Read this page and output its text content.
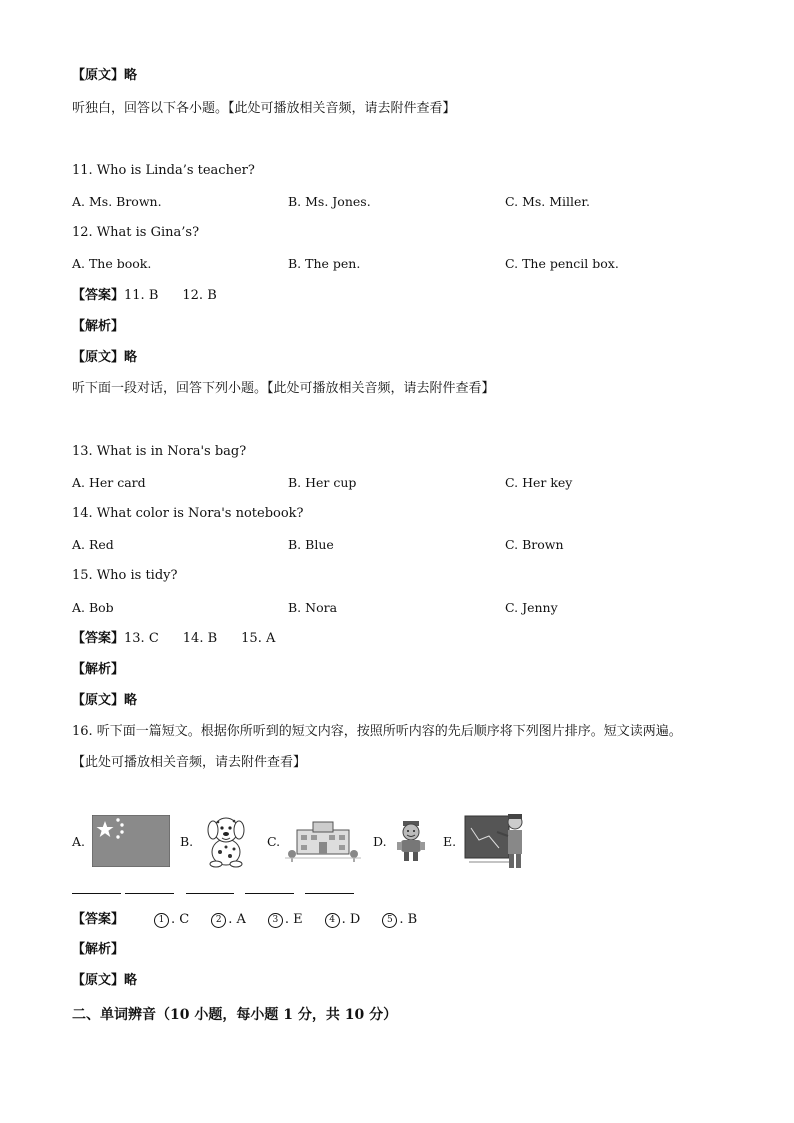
【原文】略
听独白，回答以下各小题。【此处可播放相关音频，请去附件查看】
11. Who is Linda’s teacher?
A. Ms. Brown.	B. Ms. Jones.	C. Ms. Miller.
12. What is Gina’s?
A. The book.	B. The pen.	C. The pencil box.
【答案】11. B 12. B
【解析】
【原文】略
听下面一段对话，回答下列小题。【此处可播放相关音频，请去附件查看】
13. What is in Nora's bag?
A. Her card	B. Her cup	C. Her key
14. What color is Nora's notebook?
A. Red	B. Blue	C. Brown
15. Who is tidy?
A. Bob	B. Nora	C. Jenny
【答案】13. C 14. B 15. A
【解析】
【原文】略
16. 听下面一篇短文。根据你所听到的短文内容，按照所听内容的先后顺序将下列图片排序。短文读两遍。
【此处可播放相关音频，请去附件查看】
A.	B.	C.	D.	E.
【答案】	1 . C	2 . A	3 . E	4 . D	5 . B
【解析】
【原文】略
二、单词辨音（10 小题，每小题 1 分，共 10 分）
